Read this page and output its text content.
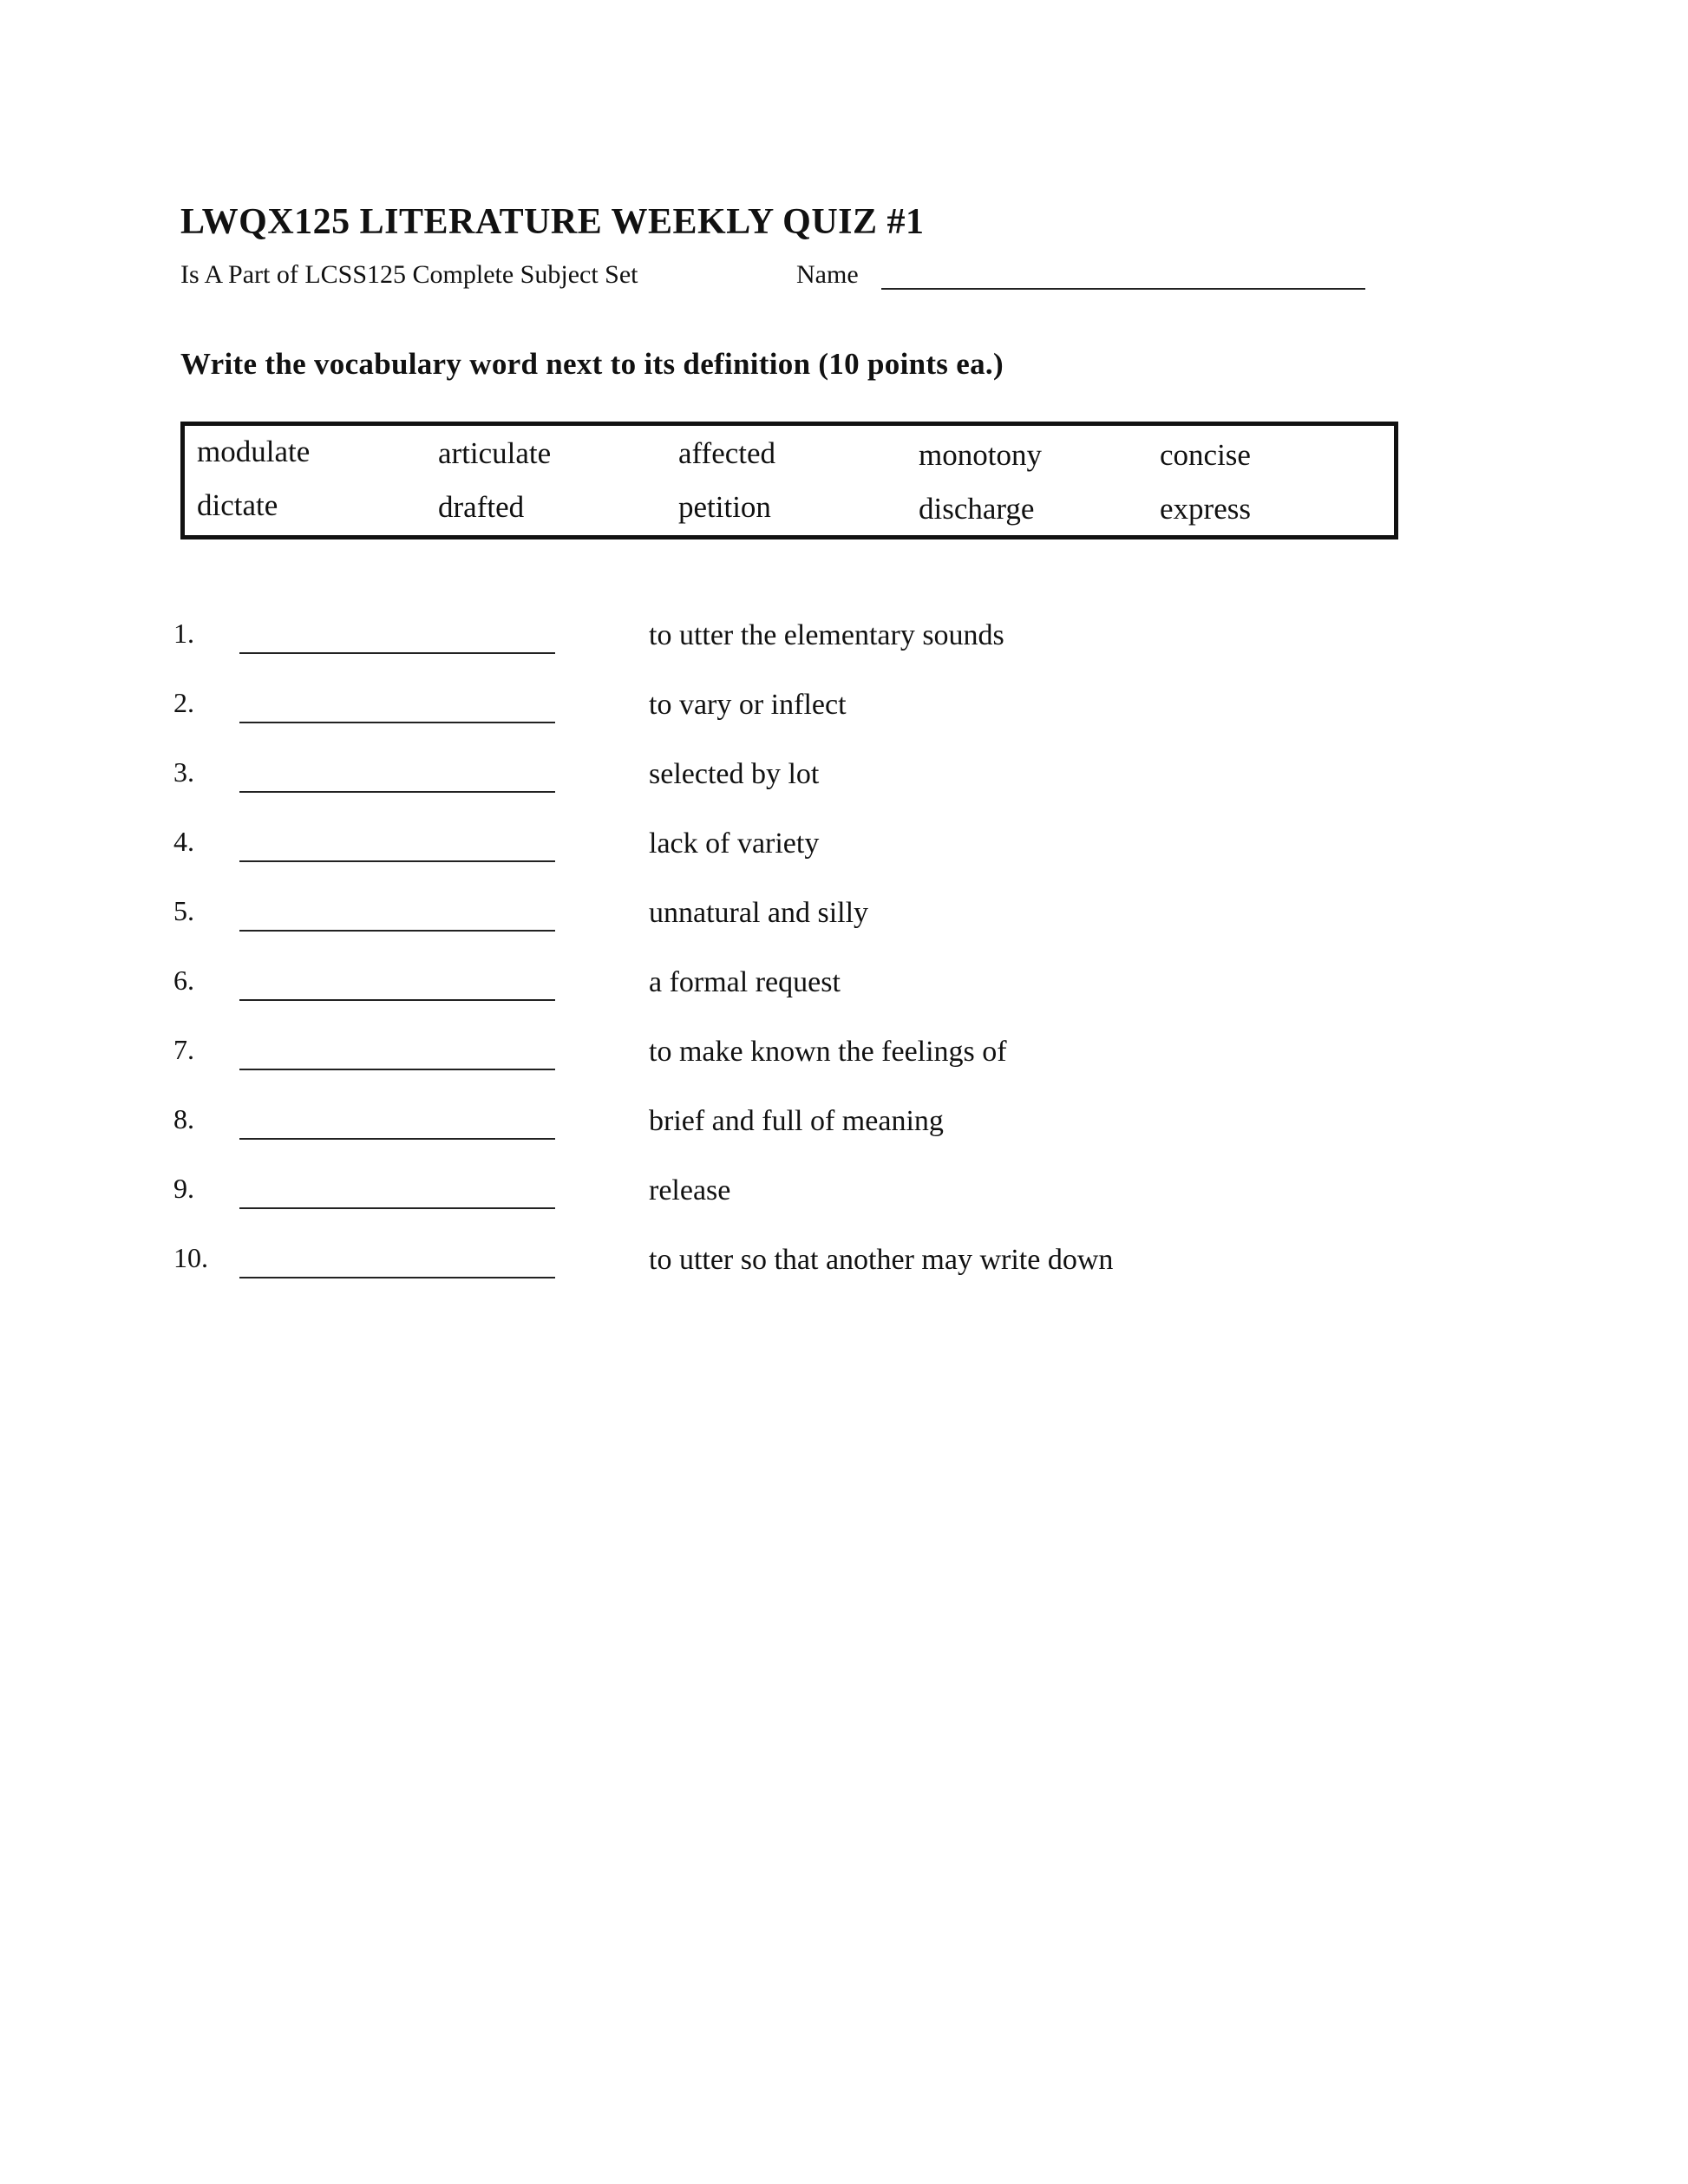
LWQX125 LITERATURE WEEKLY QUIZ #1
Is A Part of LCSS125 Complete Subject Set	Name
Write the vocabulary word next to its definition (10 points ea.)
modulate	articulate	affected	monotony	concise
dictate	drafted	petition	discharge	express
1.	to utter the elementary sounds
2.	to vary or inflect
3.	selected by lot
4.	lack of variety
5.	unnatural and silly
6.	a formal request
7.	to make known the feelings of
8.	brief and full of meaning
9.	release
10.	to utter so that another may write down
